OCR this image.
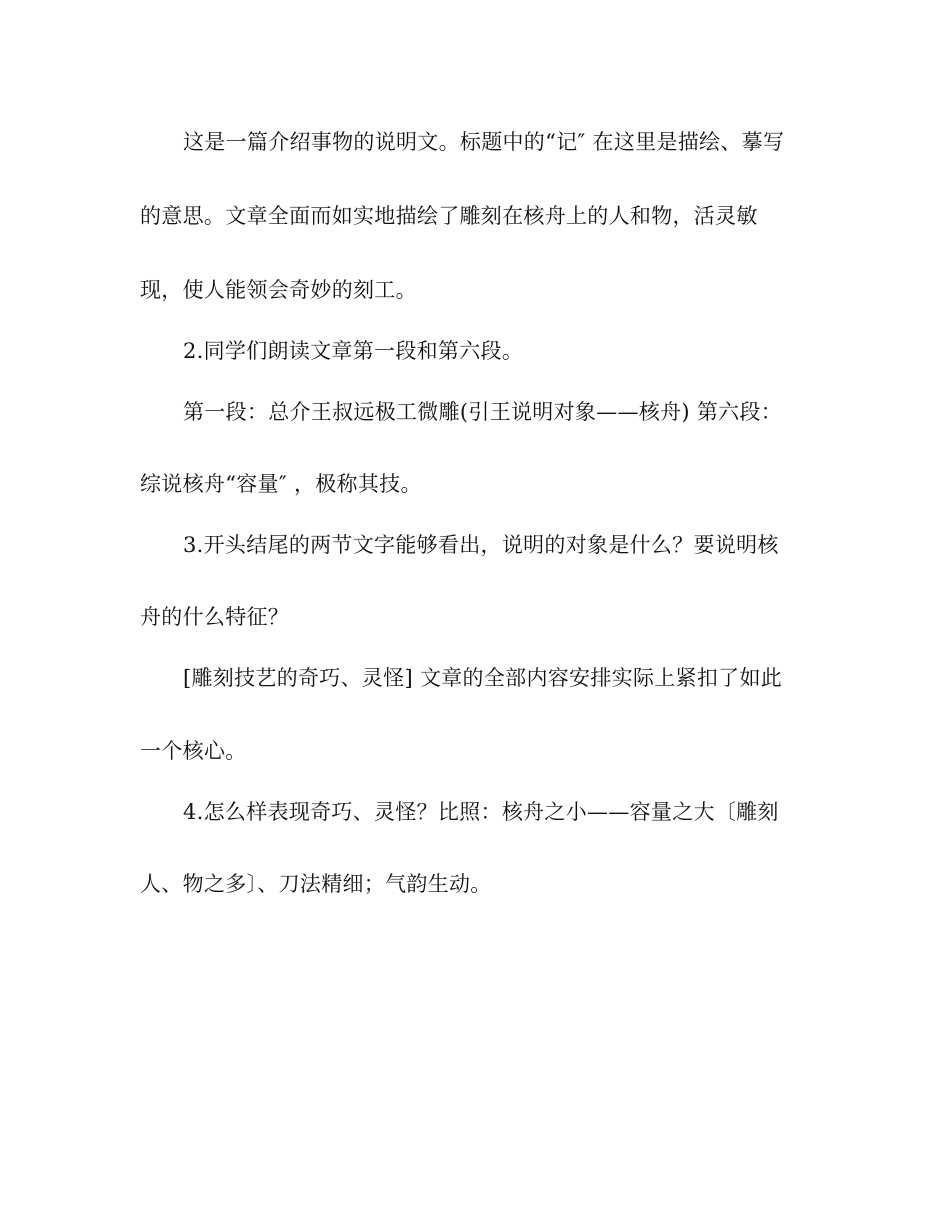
这是一篇介绍事物的说明文。标题中的“记″ 在这里是描绘、摹写
的意思。文章全面而如实地描绘了雕刻在核舟上的人和物，活灵敏
现，使人能领会奇妙的刻工。
2.同学们朗读文章第一段和第六段。
第一段：总介王叔远极工微雕(引王说明对象——核舟) 第六段：
综说核舟“容量″ ，极称其技。
3.开头结尾的两节文字能够看出，说明的对象是什么？要说明核
舟的什么特征？
[雕刻技艺的奇巧、灵怪] 文章的全部内容安排实际上紧扣了如此
一个核心。
4.怎么样表现奇巧、灵怪？比照：核舟之小——容量之大〔雕刻
人、物之多〕、刀法精细；气韵生动。
